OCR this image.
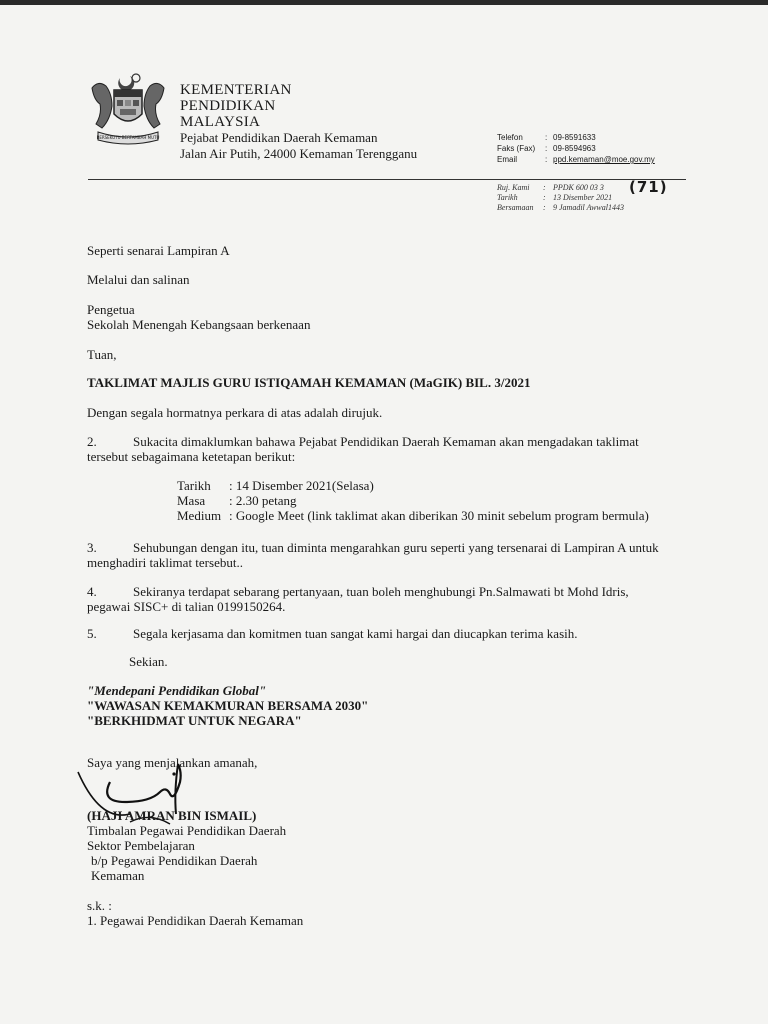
BERSEKUTU BERTAMBAH MUTU
KEMENTERIAN
PENDIDIKAN
MALAYSIA
Pejabat Pendidikan Daerah Kemaman
Jalan Air Putih, 24000 Kemaman Terengganu
Telefon	: 09-8591633
Faks (Fax)	: 09-8594963
Email	: ppd.kemaman@moe.gov.my
Ruj. Kami	: PPDK 600 03 3
Tarikh	: 13 Disember 2021
Bersamaan	: 9 Jamadil Awwal1443
(71)
Seperti senarai Lampiran A
Melalui dan salinan
Pengetua
Sekolah Menengah Kebangsaan berkenaan
Tuan,
TAKLIMAT MAJLIS GURU ISTIQAMAH KEMAMAN (MaGIK) BIL. 3/2021
Dengan segala hormatnya perkara di atas adalah dirujuk.
2.	Sukacita dimaklumkan bahawa Pejabat Pendidikan Daerah Kemaman akan mengadakan taklimat
tersebut sebagaimana ketetapan berikut:
Tarikh	: 14 Disember 2021(Selasa)
Masa	: 2.30 petang
Medium : Google Meet (link taklimat akan diberikan 30 minit sebelum program bermula)
3.	Sehubungan dengan itu, tuan diminta mengarahkan guru seperti yang tersenarai di Lampiran A untuk
menghadiri taklimat tersebut..
4.	Sekiranya terdapat sebarang pertanyaan, tuan boleh menghubungi Pn.Salmawati bt Mohd Idris,
pegawai SISC+ di talian 0199150264.
5.	Segala kerjasama dan komitmen tuan sangat kami hargai dan diucapkan terima kasih.
Sekian.
"Mendepani Pendidikan Global"
"WAWASAN KEMAKMURAN BERSAMA 2030"
"BERKHIDMAT UNTUK NEGARA"
Saya yang menjalankan amanah,
(HAJI AMRAN BIN ISMAIL)
Timbalan Pegawai Pendidikan Daerah
Sektor Pembelajaran
b/p Pegawai Pendidikan Daerah
Kemaman
s.k. :
1. Pegawai Pendidikan Daerah Kemaman
